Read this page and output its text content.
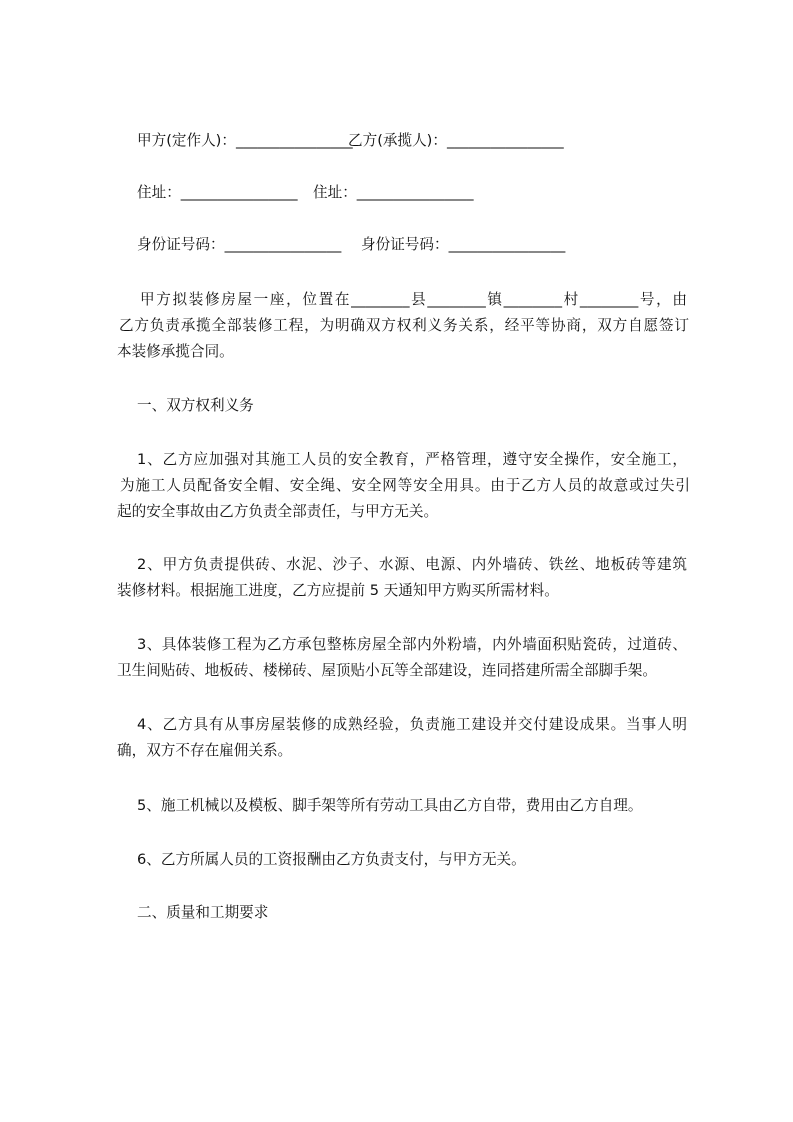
甲方(定作人)：________________
乙方(承揽人)：________________
住址：________________ 住址：________________
身份证号码：________________ 身份证号码：________________
甲方拟装修房屋一座，位置在________县________镇________村________号，由
乙方负责承揽全部装修工程，为明确双方权利义务关系，经平等协商，双方自愿签订
本装修承揽合同。
一、双方权利义务
1、乙方应加强对其施工人员的安全教育，严格管理，遵守安全操作，安全施工，
为施工人员配备安全帽、安全绳、安全网等安全用具。由于乙方人员的故意或过失引
起的安全事故由乙方负责全部责任，与甲方无关。
2、甲方负责提供砖、水泥、沙子、水源、电源、内外墙砖、铁丝、地板砖等建筑
装修材料。根据施工进度，乙方应提前 5 天通知甲方购买所需材料。
3、具体装修工程为乙方承包整栋房屋全部内外粉墙，内外墙面积贴瓷砖，过道砖、
卫生间贴砖、地板砖、楼梯砖、屋顶贴小瓦等全部建设，连同搭建所需全部脚手架。
4、乙方具有从事房屋装修的成熟经验，负责施工建设并交付建设成果。当事人明
确，双方不存在雇佣关系。
5、施工机械以及模板、脚手架等所有劳动工具由乙方自带，费用由乙方自理。
6、乙方所属人员的工资报酬由乙方负责支付，与甲方无关。
二、质量和工期要求
